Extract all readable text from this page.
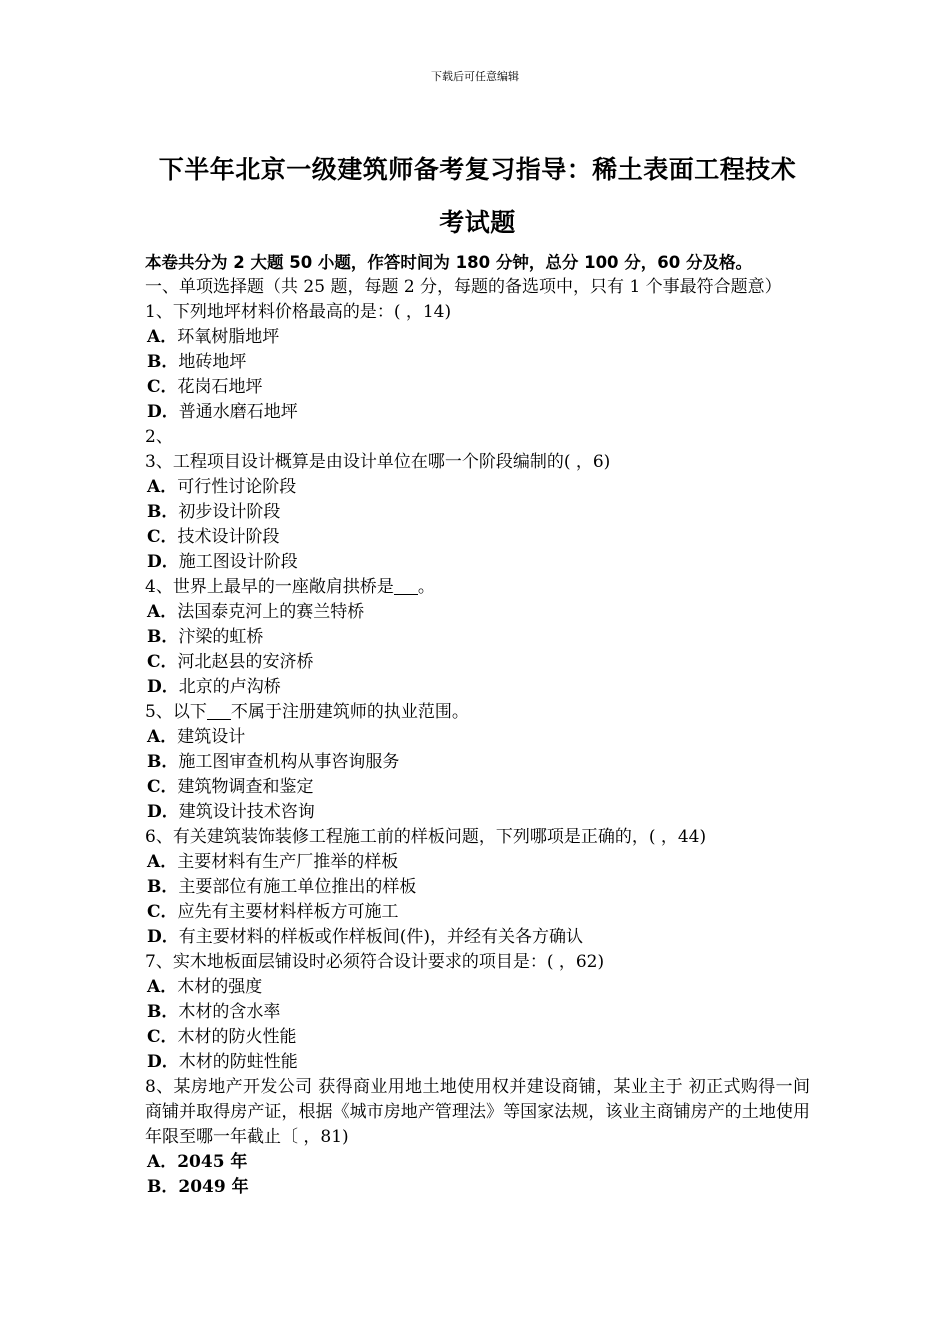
下载后可任意编辑
下半年北京一级建筑师备考复习指导：稀土表面工程技术
考试题
本卷共分为 2 大题 50 小题，作答时间为 180 分钟，总分 100 分，60 分及格。
一、单项选择题（共 25 题，每题 2 分，每题的备选项中，只有 1 个事最符合题意）
1、下列地坪材料价格最高的是：( ，14)
A．环氧树脂地坪
B．地砖地坪
C．花岗石地坪
D．普通水磨石地坪
2、
3、工程项目设计概算是由设计单位在哪一个阶段编制的( ，6)
A．可行性讨论阶段
B．初步设计阶段
C．技术设计阶段
D．施工图设计阶段
4、世界上最早的一座敞肩拱桥是 。
A．法国泰克河上的赛兰特桥
B．汴梁的虹桥
C．河北赵县的安济桥
D．北京的卢沟桥
5、以下 不属于注册建筑师的执业范围。
A．建筑设计
B．施工图审查机构从事咨询服务
C．建筑物调查和鉴定
D．建筑设计技术咨询
6、有关建筑装饰装修工程施工前的样板问题，下列哪项是正确的，( ，44)
A．主要材料有生产厂推举的样板
B．主要部位有施工单位推出的样板
C．应先有主要材料样板方可施工
D．有主要材料的样板或作样板间(件)，并经有关各方确认
7、实木地板面层铺设时必须符合设计要求的项目是：( ，62)
A．木材的强度
B．木材的含水率
C．木材的防火性能
D．木材的防蛀性能
8、某房地产开发公司 获得商业用地土地使用权并建设商铺，某业主于 初正式购得一间商铺并取得房产证，根据《城市房地产管理法》等国家法规，该业主商铺房产的土地使用年限至哪一年截止〔 ，81)
A．2045 年
B．2049 年
